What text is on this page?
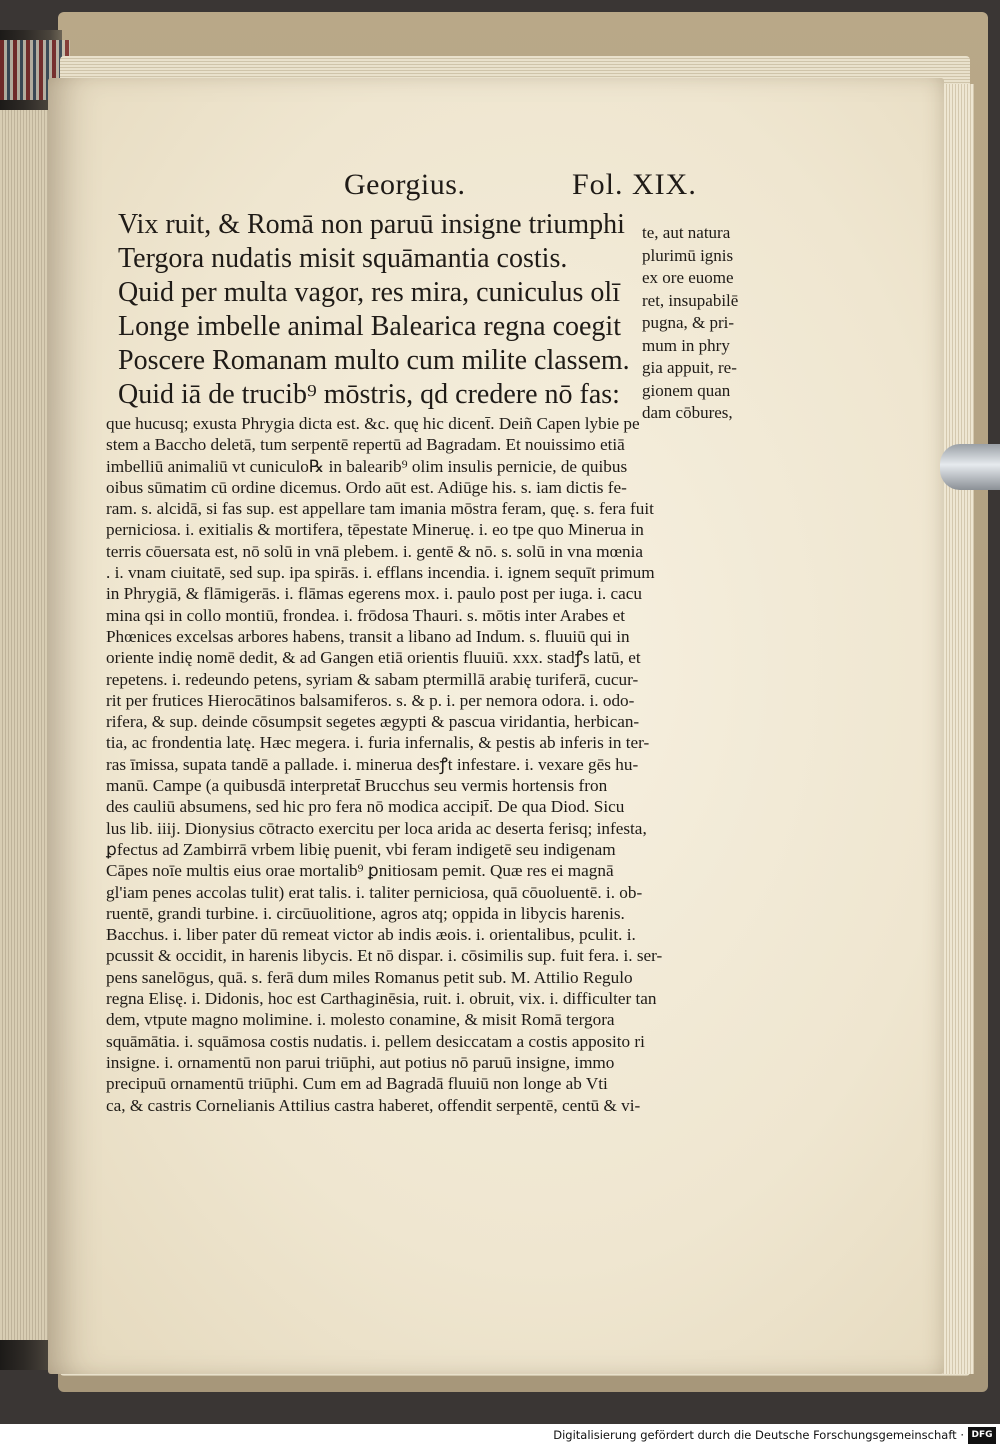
Georgius.	Fol. XIX.
Vix ruit, & Romā non paruū insigne triumphi
Tergora nudatis misit squāmantia costis.
Quid per multa vagor, res mira, cuniculus olī
Longe imbelle animal Balearica regna coegit
Poscere Romanam multo cum milite classem.
Quid iā de trucib⁹ mōstris, qd credere nō fas:
te, aut natura
plurimū ignis
ex ore euome
ret, insupabilē
pugna, & pri-
mum in phry
gia appuit, re-
gionem quan
dam cōbures,
que hucusq; exusta Phrygia dicta est. &c. quę hic dicent̄. Deiñ Capen lybie pe
stem a Baccho deletā, tum serpentē repertū ad Bagradam. Et nouissimo etiā
imbelliū animaliū vt cuniculo℞ in balearib⁹ olim insulis pernicie, de quibus
oibus sūmatim cū ordine dicemus. Ordo aūt est. Adiūge his. s. iam dictis fe-
ram. s. alcidā, si fas sup. est appellare tam imania mōstra feram, quę. s. fera fuit
perniciosa. i. exitialis & mortifera, tēpestate Mineruę. i. eo tpe quo Minerua in
terris cōuersata est, nō solū in vnā plebem. i. gentē & nō. s. solū in vna mœnia
. i. vnam ciuitatē, sed sup. ipa spirās. i. efflans incendia. i. ignem sequīt primum
in Phrygiā, & flāmigerās. i. flāmas egerens mox. i. paulo post per iuga. i. cacu
mina qsi in collo montiū, frondea. i. frōdosa Thauri. s. mōtis inter Arabes et
Phœnices excelsas arbores habens, transit a libano ad Indum. s. fluuiū qui in
oriente indię nomē dedit, & ad Gangen etiā orientis fluuiū. xxx. stadꝭs latū, et
repetens. i. redeundo petens, syriam & sabam ptermillā arabię turiferā, cucur-
rit per frutices Hierocātinos balsamiferos. s. & p. i. per nemora odora. i. odo-
rifera, & sup. deinde cōsumpsit segetes ægypti & pascua viridantia, herbican-
tia, ac frondentia latę. Hæc megera. i. furia infernalis, & pestis ab inferis in ter-
ras īmissa, supata tandē a pallade. i. minerua desꝭt infestare. i. vexare gēs hu-
manū. Campe (a quibusdā interpretat̄ Brucchus seu vermis hortensis fron
des cauliū absumens, sed hic pro fera nō modica accipit̄. De qua Diod. Sicu
lus lib. iiij. Dionysius cōtracto exercitu per loca arida ac deserta ferisq; infesta,
ꝑfectus ad Zambirrā vrbem libię puenit, vbi feram indigetē seu indigenam
Cāpes noīe multis eius orae mortalib⁹ ꝑnitiosam pemit. Quæ res ei magnā
gl'iam penes accolas tulit) erat talis. i. taliter perniciosa, quā cōuoluentē. i. ob-
ruentē, grandi turbine. i. circūuolitione, agros atq; oppida in libycis harenis.
Bacchus. i. liber pater dū remeat victor ab indis æois. i. orientalibus, pculit. i.
pcussit & occidit, in harenis libycis. Et nō dispar. i. cōsimilis sup. fuit fera. i. ser-
pens sanelōgus, quā. s. ferā dum miles Romanus petit sub. M. Attilio Regulo
regna Elisę. i. Didonis, hoc est Carthaginēsia, ruit. i. obruit, vix. i. difficulter tan
dem, vtpute magno molimine. i. molesto conamine, & misit Romā tergora
squāmātia. i. squāmosa costis nudatis. i. pellem desiccatam a costis apposito ri
insigne. i. ornamentū non parui triūphi, aut potius nō paruū insigne, immo
precipuū ornamentū triūphi. Cum em ad Bagradā fluuiū non longe ab Vti
ca, & castris Cornelianis Attilius castra haberet, offendit serpentē, centū & vi-
Digitalisierung gefördert durch die Deutsche Forschungsgemeinschaft · DFG
